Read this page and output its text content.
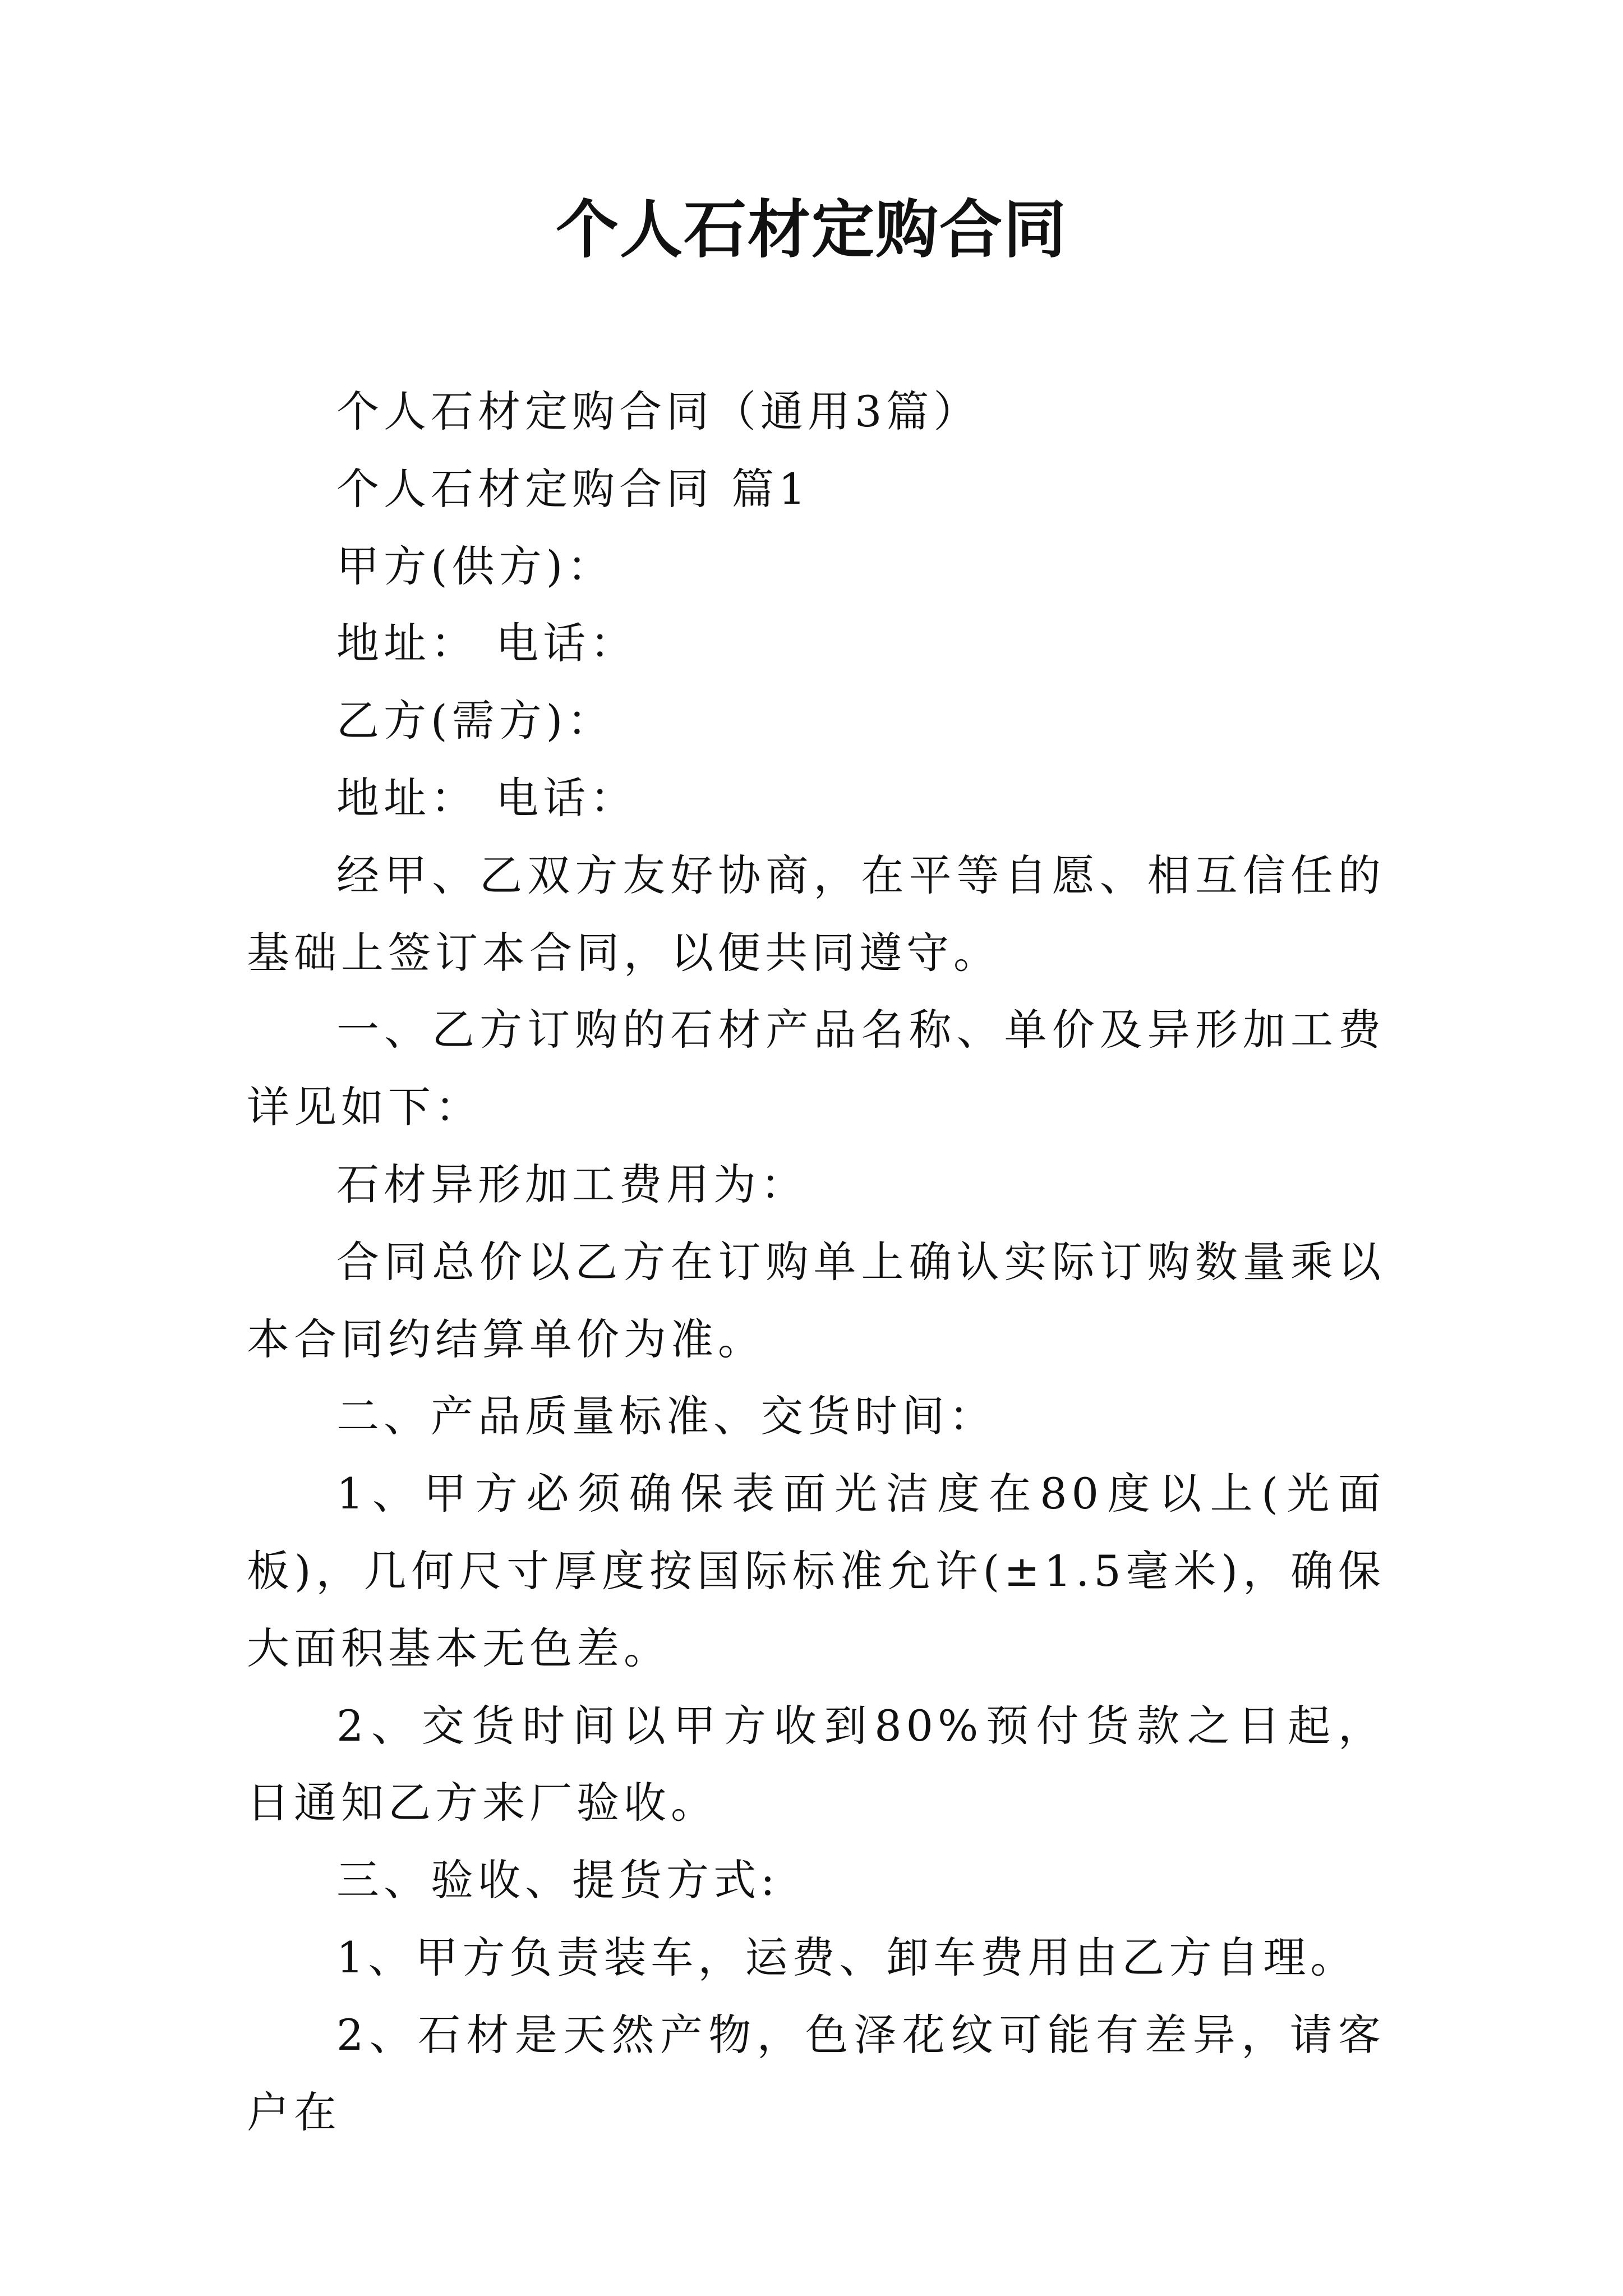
个人石材定购合同

个人石材定购合同（通用3篇）

个人石材定购合同 篇1

甲方(供方)：

地址： 电话：

乙方(需方)：

地址： 电话：

经甲、乙双方友好协商，在平等自愿、相互信任的基础上签订本合同，以便共同遵守。

一、乙方订购的石材产品名称、单价及异形加工费详见如下：

石材异形加工费用为：

合同总价以乙方在订购单上确认实际订购数量乘以本合同约结算单价为准。

二、产品质量标准、交货时间：

1、甲方必须确保表面光洁度在80度以上(光面板)，几何尺寸厚度按国际标准允许(±1.5毫米)，确保大面积基本无色差。

2、交货时间以甲方收到80%预付货款之日起， 日通知乙方来厂验收。

三、验收、提货方式:

1、甲方负责装车，运费、卸车费用由乙方自理。

2、石材是天然产物，色泽花纹可能有差异，请客户在
